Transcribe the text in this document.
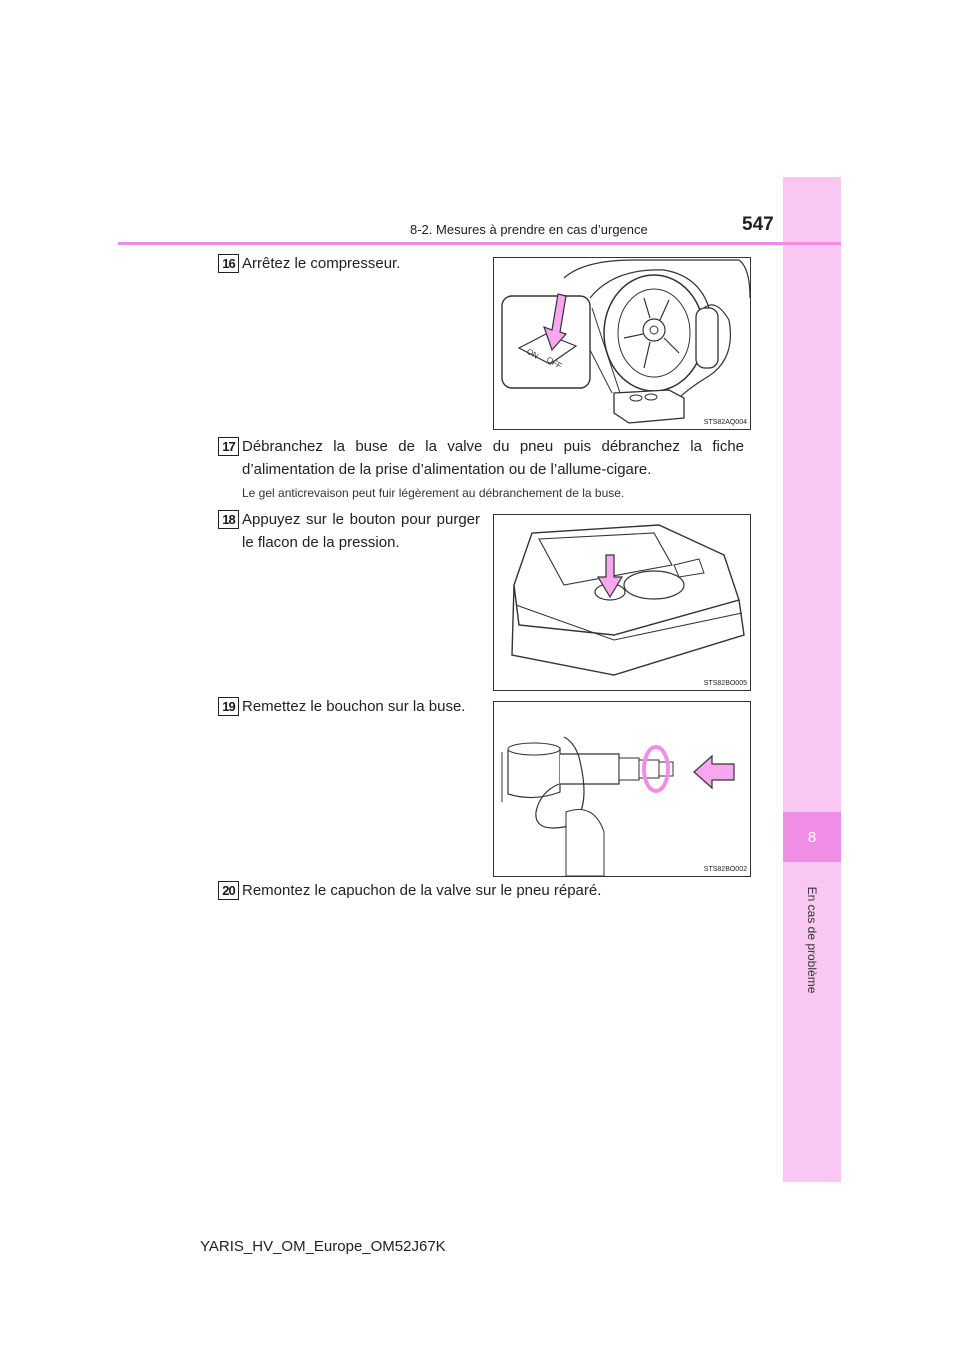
8
En cas de problème
8-2. Mesures à prendre en cas d’urgence	547
16 Arrêtez le compresseur.
ON
OFF
STS82AQ004
17 Débranchez la buse de la valve du pneu puis débranchez la fiche d’alimentation de la prise d’alimentation ou de l’allume-cigare.
Le gel anticrevaison peut fuir légèrement au débranchement de la buse.
18 Appuyez sur le bouton pour purger le flacon de la pression.
STS82BO005
19 Remettez le bouchon sur la buse.
STS82BO002
20 Remontez le capuchon de la valve sur le pneu réparé.
YARIS_HV_OM_Europe_OM52J67K
